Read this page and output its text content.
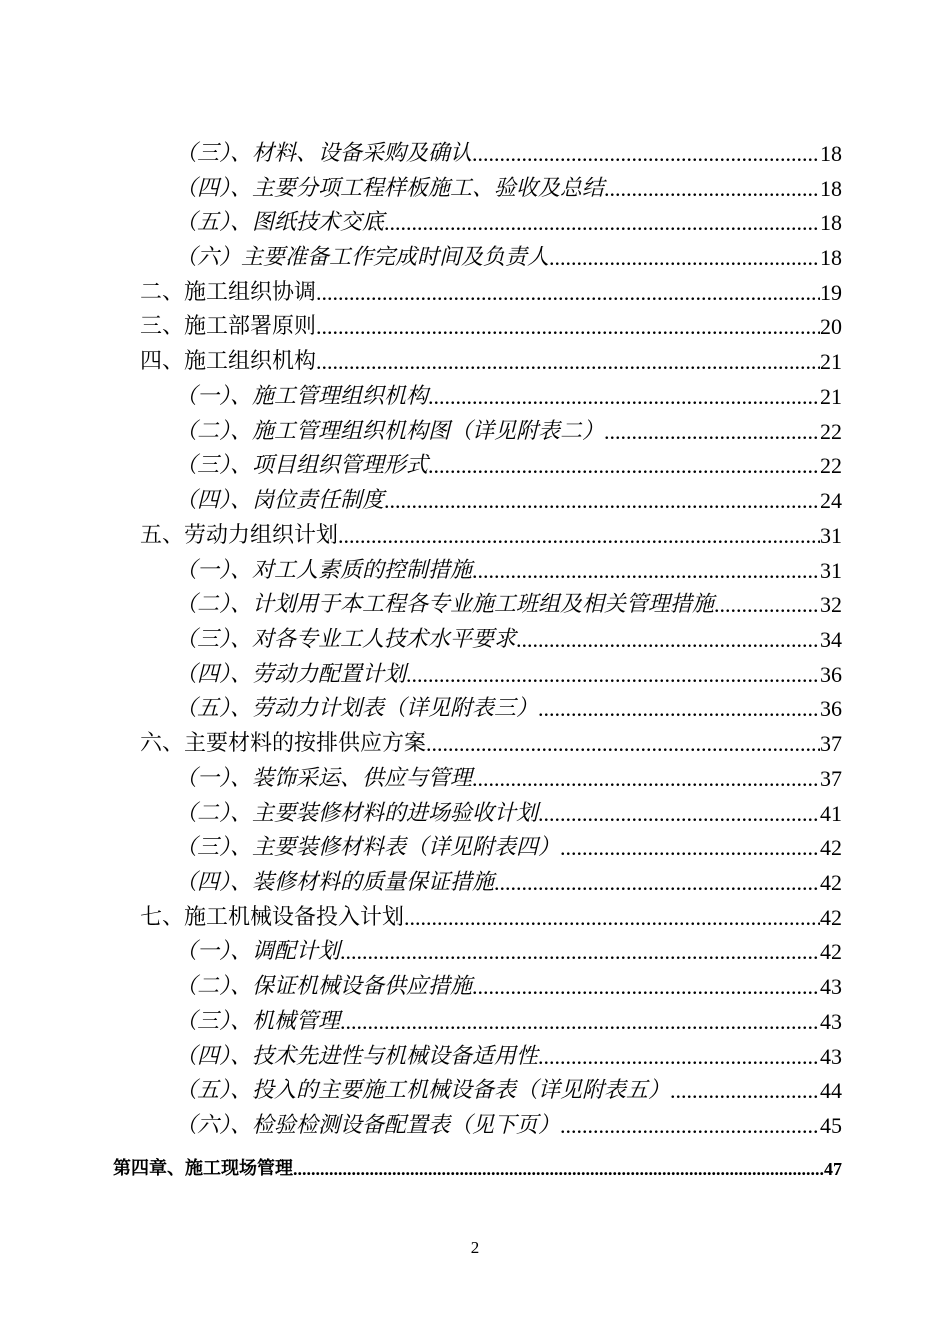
（三）、材料、设备采购及确认 .....	18
（四）、主要分项工程样板施工、验收及总结 .....	18
（五）、图纸技术交底 .....	18
（六）主要准备工作完成时间及负责人 .....	18
二、施工组织协调 .....	19
三、施工部署原则 .....	20
四、施工组织机构 .....	21
（一）、施工管理组织机构 .....	21
（二）、施工管理组织机构图（详见附表二） .....	22
（三）、项目组织管理形式 .....	22
（四）、岗位责任制度 .....	24
五、劳动力组织计划 .....	31
（一）、对工人素质的控制措施 .....	31
（二）、计划用于本工程各专业施工班组及相关管理措施 .....	32
（三）、对各专业工人技术水平要求 .....	34
（四）、劳动力配置计划 .....	36
（五）、劳动力计划表（详见附表三） .....	36
六、主要材料的按排供应方案 .....	37
（一）、装饰采运、供应与管理 .....	37
（二）、主要装修材料的进场验收计划 .....	41
（三）、主要装修材料表（详见附表四） .....	42
（四）、装修材料的质量保证措施 .....	42
七、施工机械设备投入计划 .....	42
（一）、调配计划 .....	42
（二）、保证机械设备供应措施 .....	43
（三）、机械管理 .....	43
（四）、技术先进性与机械设备适用性 .....	43
（五）、投入的主要施工机械设备表（详见附表五） .....	44
（六）、检验检测设备配置表（见下页） .....	45
第四章、施工现场管理 .....	47
2
